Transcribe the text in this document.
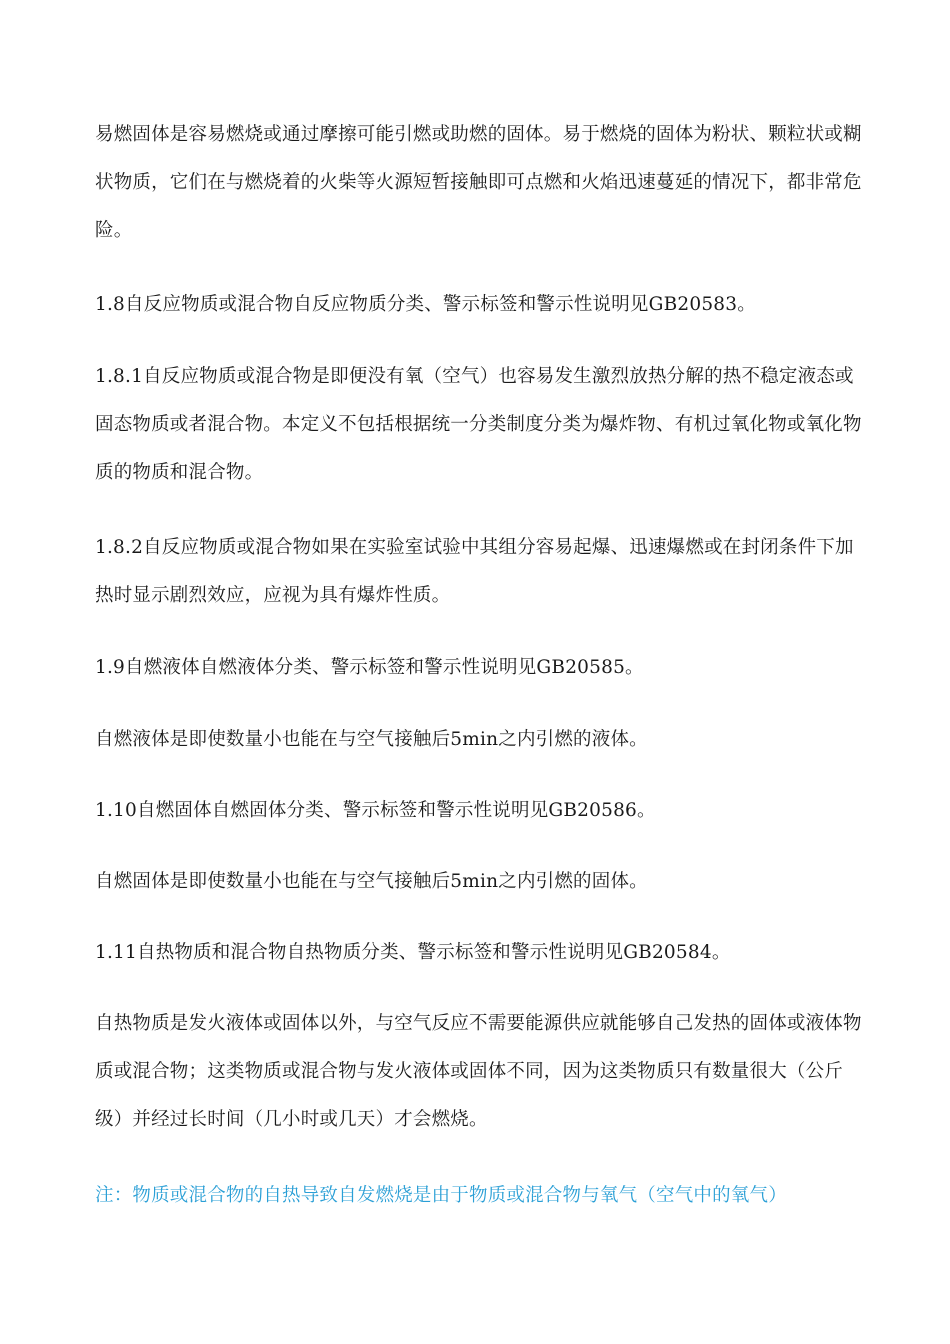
易燃固体是容易燃烧或通过摩擦可能引燃或助燃的固体。易于燃烧的固体为粉状、颗粒状或糊状物质，它们在与燃烧着的火柴等火源短暂接触即可点燃和火焰迅速蔓延的情况下，都非常危险。

1.8自反应物质或混合物自反应物质分类、警示标签和警示性说明见GB20583。

1.8.1自反应物质或混合物是即便没有氧（空气）也容易发生激烈放热分解的热不稳定液态或固态物质或者混合物。本定义不包括根据统一分类制度分类为爆炸物、有机过氧化物或氧化物质的物质和混合物。

1.8.2自反应物质或混合物如果在实验室试验中其组分容易起爆、迅速爆燃或在封闭条件下加热时显示剧烈效应，应视为具有爆炸性质。

1.9自燃液体自燃液体分类、警示标签和警示性说明见GB20585。

自燃液体是即使数量小也能在与空气接触后5min之内引燃的液体。

1.10自燃固体自燃固体分类、警示标签和警示性说明见GB20586。

自燃固体是即使数量小也能在与空气接触后5min之内引燃的固体。

1.11自热物质和混合物自热物质分类、警示标签和警示性说明见GB20584。

自热物质是发火液体或固体以外，与空气反应不需要能源供应就能够自己发热的固体或液体物质或混合物；这类物质或混合物与发火液体或固体不同，因为这类物质只有数量很大（公斤级）并经过长时间（几小时或几天）才会燃烧。

注：物质或混合物的自热导致自发燃烧是由于物质或混合物与氧气（空气中的氧气）
